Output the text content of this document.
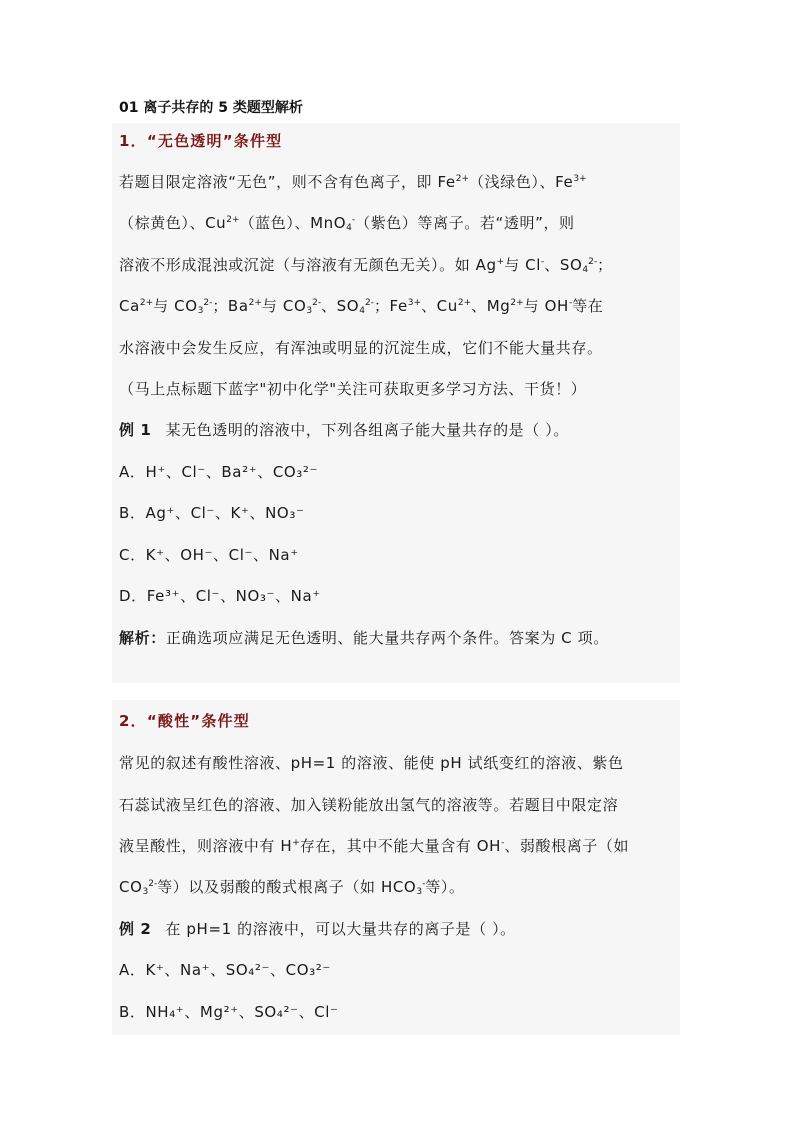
01 离子共存的 5 类题型解析
1．“无色透明”条件型
若题目限定溶液“无色”，则不含有色离子，即 $Fe^{2+}$（浅绿色）、$Fe^{3+}$
（棕黄色）、$Cu^{2+}$（蓝色）、MnO$_4$-（紫色）等离子。若“透明”，则
溶液不形成混浊或沉淀（与溶液有无颜色无关）。如 Ag+与 Cl-、$SO_4^{2-}$；
$Ca^{2+}$与 $CO_3^{2-}$；$Ba^{2+}$与 $CO_3^{2-}$、$SO_4^{2-}$；$Fe^{3+}$、$Cu^{2+}$、$Mg^{2+}$与 OH-等在
水溶液中会发生反应，有浑浊或明显的沉淀生成，它们不能大量共存。
（马上点标题下蓝字"初中化学"关注可获取更多学习方法、干货！）
例 1 某无色透明的溶液中，下列各组离子能大量共存的是（ ）。
A．H⁺、Cl⁻、Ba²⁺、CO₃²⁻
B．Ag⁺、Cl⁻、K⁺、NO₃⁻
C．K⁺、OH⁻、Cl⁻、Na⁺
D．Fe³⁺、Cl⁻、NO₃⁻、Na⁺
解析：正确选项应满足无色透明、能大量共存两个条件。答案为 C 项。
2．“酸性”条件型
常见的叙述有酸性溶液、pH=1 的溶液、能使 pH 试纸变红的溶液、紫色
石蕊试液呈红色的溶液、加入镁粉能放出氢气的溶液等。若题目中限定溶
液呈酸性，则溶液中有 H+存在，其中不能大量含有 OH-、弱酸根离子（如
$CO_3^{2-}$等）以及弱酸的酸式根离子（如 $HCO_3^-$等）。
例 2 在 pH=1 的溶液中，可以大量共存的离子是（ ）。
A．K⁺、Na⁺、SO₄²⁻、CO₃²⁻
B．NH₄⁺、Mg²⁺、SO₄²⁻、Cl⁻
